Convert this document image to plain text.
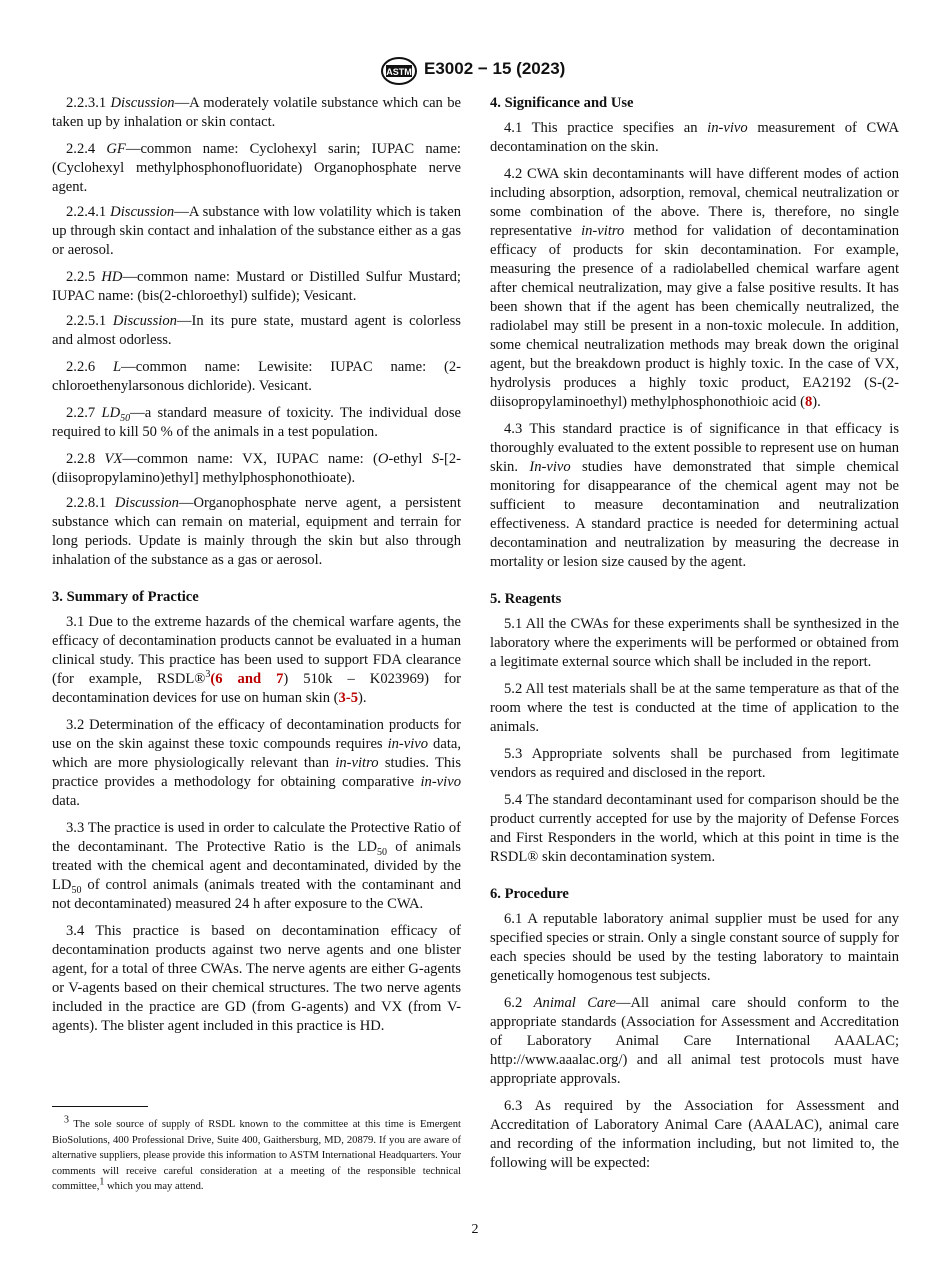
ASTM E3002 − 15 (2023)

2.2.3.1 Discussion—A moderately volatile substance which can be taken up by inhalation or skin contact.

2.2.4 GF—common name: Cyclohexyl sarin; IUPAC name: (Cyclohexyl methylphosphonofluoridate) Organophosphate nerve agent.

2.2.4.1 Discussion—A substance with low volatility which is taken up through skin contact and inhalation of the substance either as a gas or aerosol.

2.2.5 HD—common name: Mustard or Distilled Sulfur Mustard; IUPAC name: (bis(2-chloroethyl) sulfide); Vesicant.

2.2.5.1 Discussion—In its pure state, mustard agent is colorless and almost odorless.

2.2.6 L—common name: Lewisite: IUPAC name: (2-chloroethenylarsonous dichloride). Vesicant.

2.2.7 $LD_{50}—a$ standard measure of toxicity. The individual dose required to kill 50 % of the animals in a test population.

2.2.8 VX—common name: VX, IUPAC name: (O-ethyl S-[2-(diisopropylamino)ethyl] methylphosphonothioate).

2.2.8.1 Discussion—Organophosphate nerve agent, a persistent substance which can remain on material, equipment and terrain for long periods. Update is mainly through the skin but also through inhalation of the substance as a gas or aerosol.

3. Summary of Practice

3.1 Due to the extreme hazards of the chemical warfare agents, the efficacy of decontamination products cannot be evaluated in a human clinical study. This practice has been used to support FDA clearance (for example, RSDL®$^3$(6 and 7) 510k – K023969) for decontamination devices for use on human skin (3-5).

3.2 Determination of the efficacy of decontamination products for use on the skin against these toxic compounds requires in-vivo data, which are more physiologically relevant than in-vitro studies. This practice provides a methodology for obtaining comparative in-vivo data.

3.3 The practice is used in order to calculate the Protective Ratio of the decontaminant. The Protective Ratio is the $LD_{50}$ of animals treated with the chemical agent and decontaminated, divided by the $LD_{50}$ of control animals (animals treated with the contaminant and not decontaminated) measured 24 h after exposure to the CWA.

3.4 This practice is based on decontamination efficacy of decontamination products against two nerve agents and one blister agent, for a total of three CWAs. The nerve agents are either G-agents or V-agents based on their chemical structures. The two nerve agents included in the practice are GD (from G-agents) and VX (from V-agents). The blister agent included in this practice is HD.

$^3$ The sole source of supply of RSDL known to the committee at this time is Emergent BioSolutions, 400 Professional Drive, Suite 400, Gaithersburg, MD, 20879. If you are aware of alternative suppliers, please provide this information to ASTM International Headquarters. Your comments will receive careful consideration at a meeting of the responsible technical committee,$^1$ which you may attend.
4. Significance and Use

4.1 This practice specifies an in-vivo measurement of CWA decontamination on the skin.

4.2 CWA skin decontaminants will have different modes of action including absorption, adsorption, removal, chemical neutralization or some combination of the above. There is, therefore, no single representative in-vitro method for validation of decontamination efficacy of products for skin decontamination. For example, measuring the presence of a radiolabelled chemical warfare agent after chemical neutralization, may give a false positive results. It has been shown that if the agent has been chemically neutralized, the radiolabel may still be present in a non-toxic molecule. In addition, some chemical neutralization methods may break down the original agent, but the breakdown product is highly toxic. In the case of VX, hydrolysis produces a highly toxic product, EA2192 (S-(2-diisopropylaminoethyl) methylphosphonothioic acid (8).

4.3 This standard practice is of significance in that efficacy is thoroughly evaluated to the extent possible to represent use on human skin. In-vivo studies have demonstrated that simple chemical monitoring for disappearance of the chemical agent may not be sufficient to measure decontamination and neutralization effectiveness. A standard practice is needed for determining actual decontamination and neutralization by measuring the decrease in mortality or lesion size caused by the agent.

5. Reagents

5.1 All the CWAs for these experiments shall be synthesized in the laboratory where the experiments will be performed or obtained from a legitimate external source which shall be included in the report.

5.2 All test materials shall be at the same temperature as that of the room where the test is conducted at the time of application to the animals.

5.3 Appropriate solvents shall be purchased from legitimate vendors as required and disclosed in the report.

5.4 The standard decontaminant used for comparison should be the product currently accepted for use by the majority of Defense Forces and First Responders in the world, which at this point in time is the RSDL® skin decontamination system.

6. Procedure

6.1 A reputable laboratory animal supplier must be used for any specified species or strain. Only a single constant source of supply for each species should be used by the testing laboratory to maintain genetically homogenous test subjects.

6.2 Animal Care—All animal care should conform to the appropriate standards (Association for Assessment and Accreditation of Laboratory Animal Care International AAALAC; http://www.aaalac.org/) and all animal test protocols must have appropriate approvals.

6.3 As required by the Association for Assessment and Accreditation of Laboratory Animal Care (AAALAC), animal care and recording of the information including, but not limited to, the following will be expected:

2
